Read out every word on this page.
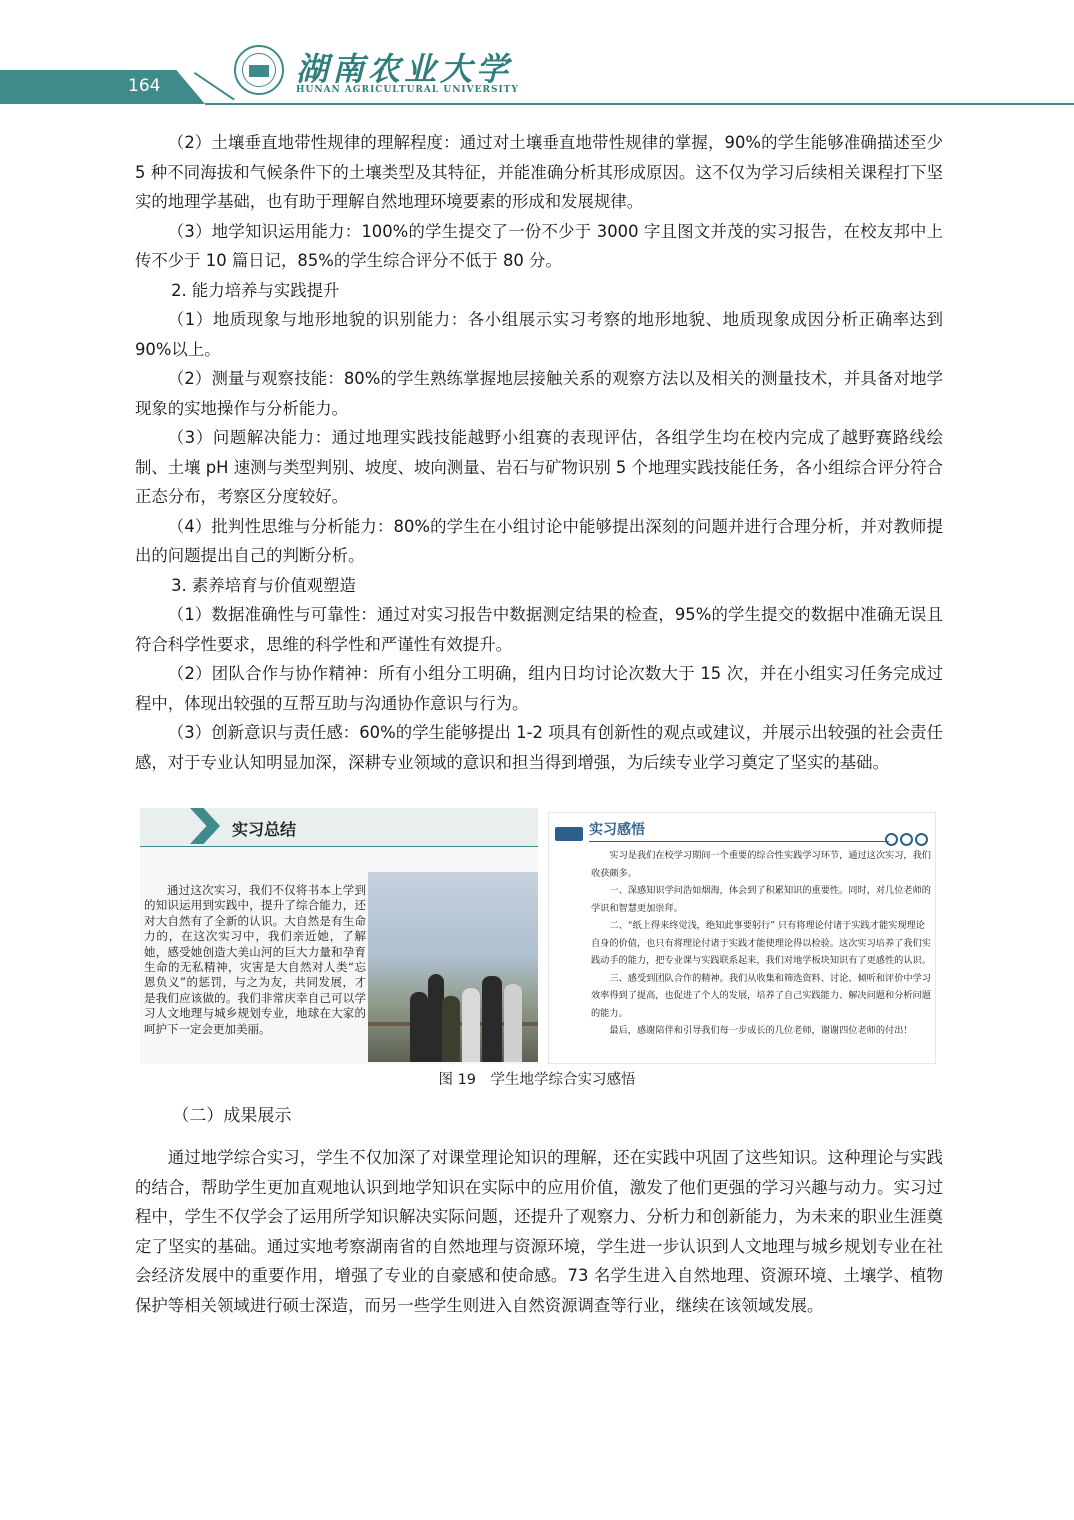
164	湖南农业大学
HUNAN AGRICULTURAL UNIVERSITY

（2）土壤垂直地带性规律的理解程度：通过对土壤垂直地带性规律的掌握，90%的学生能够准确描述至少 5 种不同海拔和气候条件下的土壤类型及其特征，并能准确分析其形成原因。这不仅为学习后续相关课程打下坚实的地理学基础，也有助于理解自然地理环境要素的形成和发展规律。

（3）地学知识运用能力：100%的学生提交了一份不少于 3000 字且图文并茂的实习报告，在校友邦中上传不少于 10 篇日记，85%的学生综合评分不低于 80 分。

2. 能力培养与实践提升

（1）地质现象与地形地貌的识别能力：各小组展示实习考察的地形地貌、地质现象成因分析正确率达到 90%以上。

（2）测量与观察技能：80%的学生熟练掌握地层接触关系的观察方法以及相关的测量技术，并具备对地学现象的实地操作与分析能力。

（3）问题解决能力：通过地理实践技能越野小组赛的表现评估，各组学生均在校内完成了越野赛路线绘制、土壤 pH 速测与类型判别、坡度、坡向测量、岩石与矿物识别 5 个地理实践技能任务，各小组综合评分符合正态分布，考察区分度较好。

（4）批判性思维与分析能力：80%的学生在小组讨论中能够提出深刻的问题并进行合理分析，并对教师提出的问题提出自己的判断分析。

3. 素养培育与价值观塑造

（1）数据准确性与可靠性：通过对实习报告中数据测定结果的检查，95%的学生提交的数据中准确无误且符合科学性要求，思维的科学性和严谨性有效提升。

（2）团队合作与协作精神：所有小组分工明确，组内日均讨论次数大于 15 次，并在小组实习任务完成过程中，体现出较强的互帮互助与沟通协作意识与行为。

（3）创新意识与责任感：60%的学生能够提出 1-2 项具有创新性的观点或建议，并展示出较强的社会责任感，对于专业认知明显加深，深耕专业领域的意识和担当得到增强，为后续专业学习奠定了坚实的基础。

实习总结
通过这次实习，我们不仅将书本上学到的知识运用到实践中，提升了综合能力，还对大自然有了全新的认识。大自然是有生命力的，在这次实习中，我们亲近她，了解她，感受她创造大美山河的巨大力量和孕育生命的无私精神，灾害是大自然对人类“忘恩负义”的惩罚，与之为友，共同发展，才是我们应该做的。我们非常庆幸自己可以学习人文地理与城乡规划专业，地球在大家的呵护下一定会更加美丽。
实习感悟

实习是我们在校学习期间一个重要的综合性实践学习环节，通过这次实习，我们收获颇多。

一、深感知识学问浩如烟海，体会到了积累知识的重要性。同时，对几位老师的学识和智慧更加崇拜。

二、“纸上得来终觉浅，绝知此事要躬行” 只有将理论付诸于实践才能实现理论自身的价值，也只有将理论付诸于实践才能使理论得以检验。这次实习培养了我们实践动手的能力，把专业课与实践联系起来，我们对地学板块知识有了更感性的认识。

三、感受到团队合作的精神。我们从收集和筛选资料、讨论、倾听和评价中学习效率得到了提高，也促进了个人的发展，培养了自己实践能力、解决问题和分析问题的能力。

最后，感谢陪伴和引导我们每一步成长的几位老师，谢谢四位老师的付出！

图 19　学生地学综合实习感悟

（二）成果展示

通过地学综合实习，学生不仅加深了对课堂理论知识的理解，还在实践中巩固了这些知识。这种理论与实践的结合，帮助学生更加直观地认识到地学知识在实际中的应用价值，激发了他们更强的学习兴趣与动力。实习过程中，学生不仅学会了运用所学知识解决实际问题，还提升了观察力、分析力和创新能力，为未来的职业生涯奠定了坚实的基础。通过实地考察湖南省的自然地理与资源环境，学生进一步认识到人文地理与城乡规划专业在社会经济发展中的重要作用，增强了专业的自豪感和使命感。73 名学生进入自然地理、资源环境、土壤学、植物保护等相关领域进行硕士深造，而另一些学生则进入自然资源调查等行业，继续在该领域发展。
